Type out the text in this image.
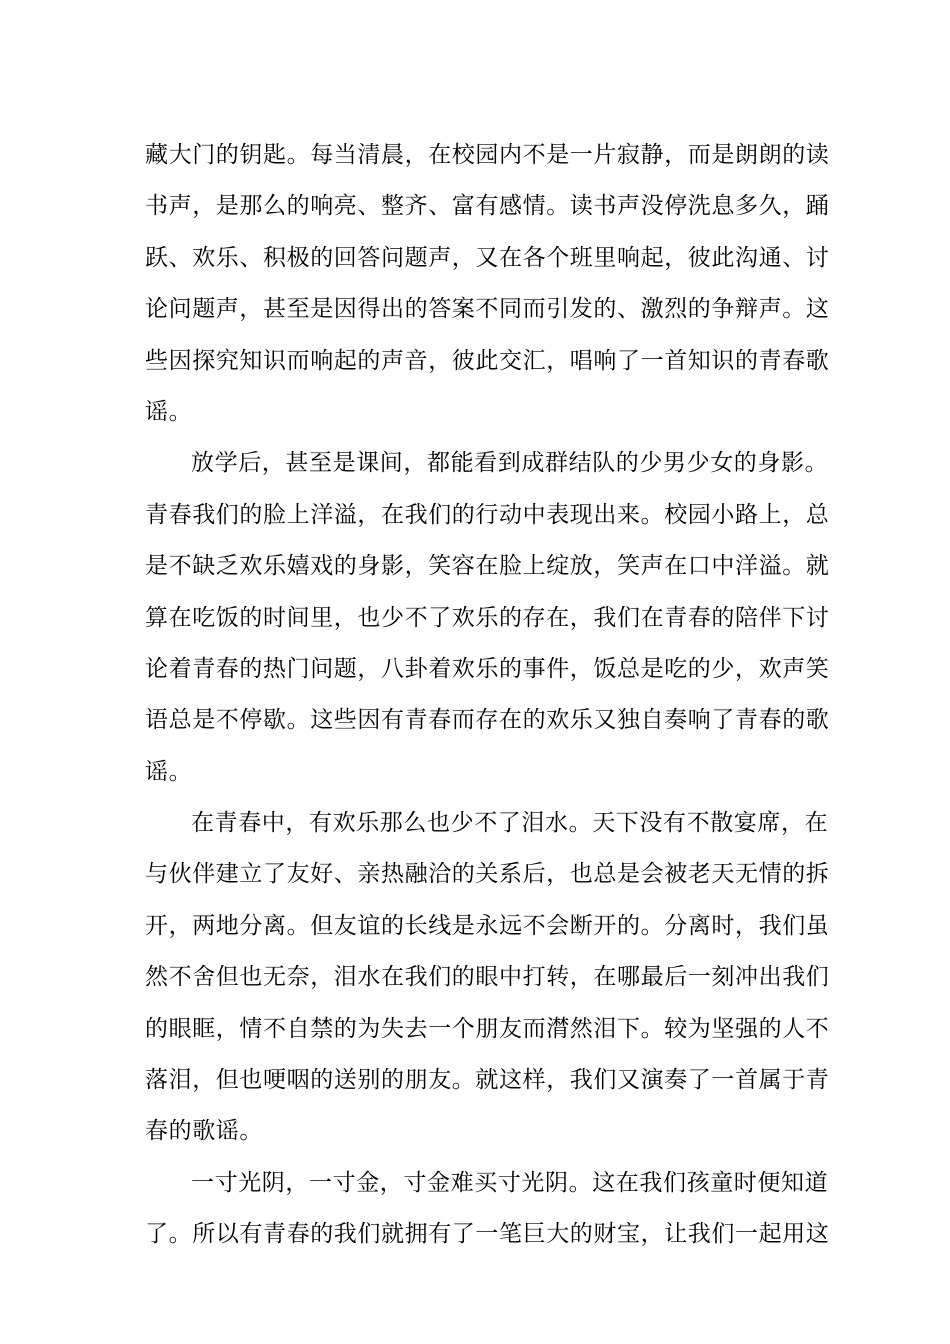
藏大门的钥匙。每当清晨，在校园内不是一片寂静，而是朗朗的读
书声，是那么的响亮、整齐、富有感情。读书声没停洗息多久，踊
跃、欢乐、积极的回答问题声，又在各个班里响起，彼此沟通、讨
论问题声，甚至是因得出的答案不同而引发的、激烈的争辩声。这
些因探究知识而响起的声音，彼此交汇，唱响了一首知识的青春歌
谣。
放学后，甚至是课间，都能看到成群结队的少男少女的身影。
青春我们的脸上洋溢，在我们的行动中表现出来。校园小路上，总
是不缺乏欢乐嬉戏的身影，笑容在脸上绽放，笑声在口中洋溢。就
算在吃饭的时间里，也少不了欢乐的存在，我们在青春的陪伴下讨
论着青春的热门问题，八卦着欢乐的事件，饭总是吃的少，欢声笑
语总是不停歇。这些因有青春而存在的欢乐又独自奏响了青春的歌
谣。
在青春中，有欢乐那么也少不了泪水。天下没有不散宴席，在
与伙伴建立了友好、亲热融洽的关系后，也总是会被老天无情的拆
开，两地分离。但友谊的长线是永远不会断开的。分离时，我们虽
然不舍但也无奈，泪水在我们的眼中打转，在哪最后一刻冲出我们
的眼眶，情不自禁的为失去一个朋友而潸然泪下。较为坚强的人不
落泪，但也哽咽的送别的朋友。就这样，我们又演奏了一首属于青
春的歌谣。
一寸光阴，一寸金，寸金难买寸光阴。这在我们孩童时便知道
了。所以有青春的我们就拥有了一笔巨大的财宝，让我们一起用这
